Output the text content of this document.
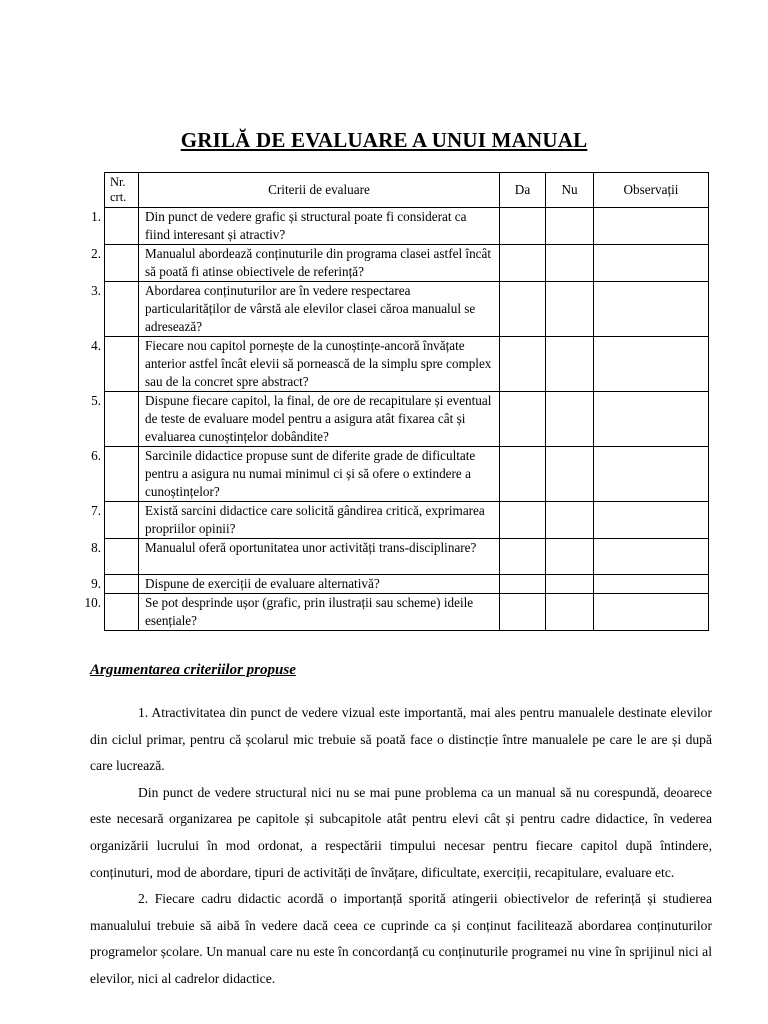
GRILĂ DE EVALUARE A UNUI MANUAL
Nr.
crt.	Criterii de evaluare	Da	Nu	Observații

1.	Din punct de vedere grafic și structural poate fi considerat ca fiind interesant și atractiv?			

2.	Manualul abordează conținuturile din programa clasei astfel încât să poată fi atinse obiectivele de referință?			

3.	Abordarea conținuturilor are în vedere respectarea particularităților de vârstă ale elevilor clasei căroa manualul se adresează?			

4.	Fiecare nou capitol pornește de la cunoștințe-ancoră învățate anterior astfel încât elevii să pornească de la simplu spre complex sau de la concret spre abstract?			

5.	Dispune fiecare capitol, la final, de ore de recapitulare și eventual de teste de evaluare model pentru a asigura atât fixarea cât și evaluarea cunoștințelor dobândite?			

6.	Sarcinile didactice propuse sunt de diferite grade de dificultate pentru a asigura nu numai minimul ci și să ofere o extindere a cunoștințelor?			

7.	Există sarcini didactice care solicită gândirea critică, exprimarea propriilor opinii?			

8.	Manualul oferă oportunitatea unor activități trans-disciplinare?			

9.	Dispune de exerciții de evaluare alternativă?			

10.	Se pot desprinde ușor (grafic, prin ilustrații sau scheme) ideile esențiale?			
Argumentarea criteriilor propuse

1. Atractivitatea din punct de vedere vizual este importantă, mai ales pentru manualele destinate elevilor din ciclul primar, pentru că școlarul mic trebuie să poată face o distincție între manualele pe care le are și după care lucrează.

Din punct de vedere structural nici nu se mai pune problema ca un manual să nu corespundă, deoarece este necesară organizarea pe capitole și subcapitole atât pentru elevi cât și pentru cadre didactice, în vederea organizării lucrului în mod ordonat, a respectării timpului necesar pentru fiecare capitol după întindere, conținuturi, mod de abordare, tipuri de activități de învățare, dificultate, exerciții, recapitulare, evaluare etc.

2. Fiecare cadru didactic acordă o importanță sporită atingerii obiectivelor de referință și studierea manualului trebuie să aibă în vedere dacă ceea ce cuprinde ca și conținut facilitează abordarea conținuturilor programelor școlare. Un manual care nu este în concordanță cu conținuturile programei nu vine în sprijinul nici al elevilor, nici al cadrelor didactice.
